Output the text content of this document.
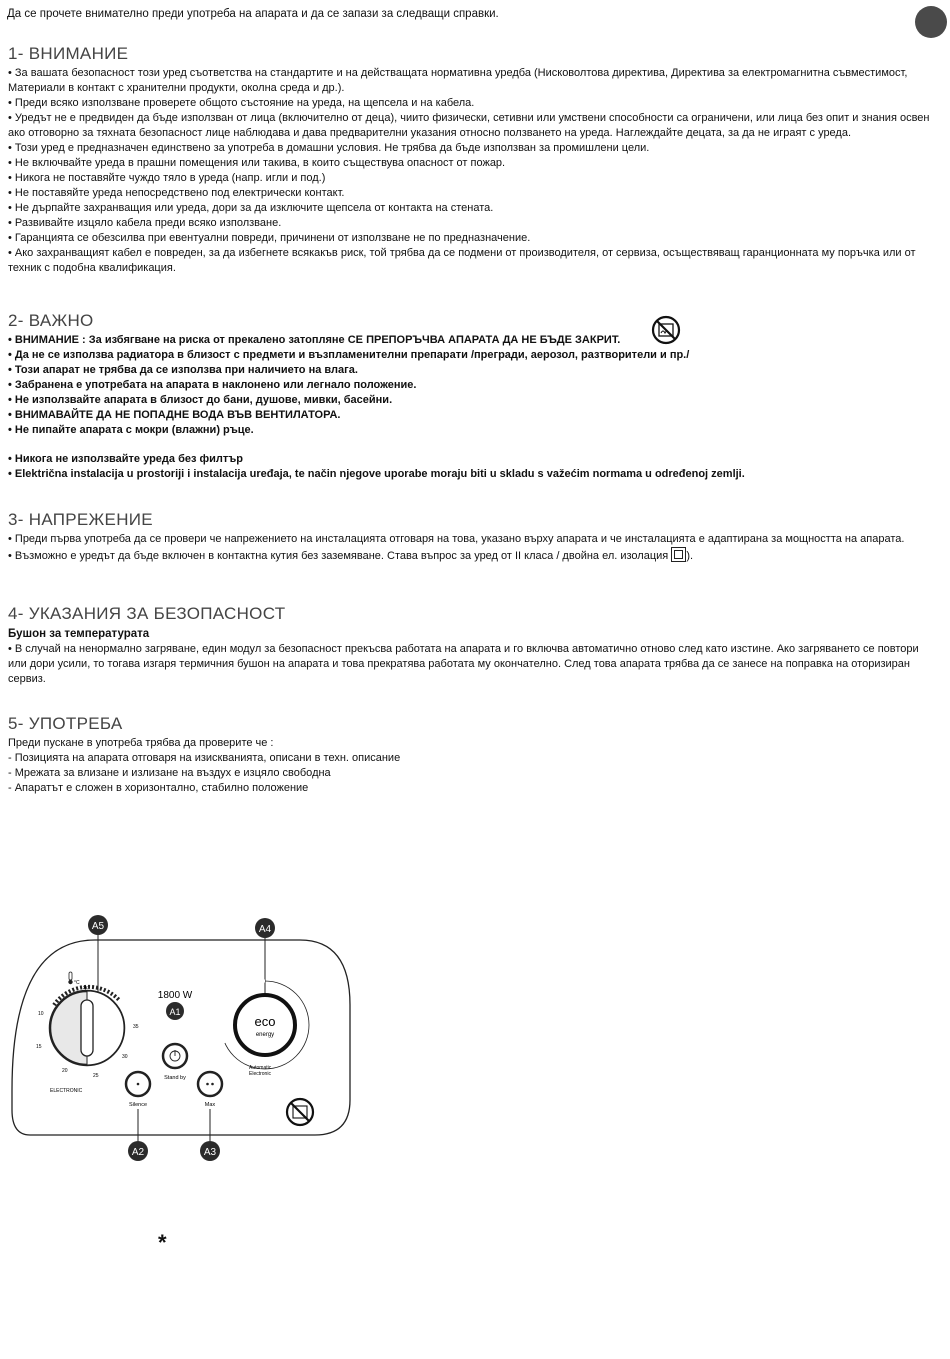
Да се прочете внимателно преди употреба на апарата и да се запази за следващи справки.
1- ВНИМАНИЕ

• За вашата безопасност този уред съответства на стандартите и на действащата нормативна уредба (Нисковолтова директива, Директива за електромагнитна съвместимост, Материали в контакт с хранителни продукти, околна среда и др.).

• Преди всяко използване проверете общото състояние на уреда, на щепсела и на кабела.

• Уредът не е предвиден да бъде използван от лица (включително от деца), чиито физически, сетивни или умствени способности са ограничени, или лица без опит и знания освен ако отговорно за тяхната безопасност лице наблюдава и дава предварителни указания относно ползването на уреда. Наглеждайте децата, за да не играят с уреда.

• Този уред е предназначен единствено за употреба в домашни условия. Не трябва да бъде използван за промишлени цели.

• Не включвайте уреда в прашни помещения или такива, в които съществува опасност от пожар.

• Никога не поставяйте чуждо тяло в уреда (напр. игли и под.)

• Не поставяйте уреда непосредствено под електрически контакт.

• Не дърпайте захранващия или уреда, дори за да изключите щепсела от контакта на стената.

• Развивайте изцяло кабела преди всяко използване.

• Гаранцията се обезсилва при евентуални повреди, причинени от използване не по предназначение.

• Ако захранващият кабел е повреден, за да избегнете всякакъв риск, той трябва да се подмени от производителя, от сервиза, осъществяващ гаранционната му поръчка или от техник с подобна квалификация.

2- ВАЖНО

• ВНИМАНИЕ : За избягване на риска от прекалено затопляне СЕ ПРЕПОРЪЧВА АПАРАТА ДА НЕ БЪДЕ ЗАКРИТ.

• Да не се използва радиатора в близост с предмети и възпламенителни препарати /прегради, аерозол, разтворители и пр./

• Този апарат не трябва да се използва при наличието на влага.

• Забранена е употребата на апарата в наклонено или легнало положение.

• Не използвайте апарата в близост до бани, душове, мивки, басейни.

• ВНИМАВАЙТЕ ДА НЕ ПОПАДНЕ ВОДА ВЪВ ВЕНТИЛАТОРА.

• Не пипайте апарата с мокри (влажни) ръце.

• Никога не използвайте уреда без филтър

• Električna instalacija u prostoriji i instalacija uređaja, te način njegove uporabe moraju biti u skladu s važećim normama u određenoj zemlji.

3- НАПРЕЖЕНИЕ

• Преди първа употреба да се провери че напрежението на инсталацията отговаря на това, указано върху апарата и че инсталацията е адаптирана за мощността на апарата.

• Възможно е уредът да бъде включен в контактна кутия без заземяване. Става въпрос за уред от II класа / двойна ел. изолация ).

4- УКАЗАНИЯ ЗА БЕЗОПАСНОСТ

Бушон за температурата

• В случай на ненормално загряване, един модул за безопасност прекъсва работата на апарата и го включва автоматично отново след като изстине. Ако загряването се повтори или дори усили, то тогава изгаря термичния бушон на апарата и това прекратява работата му окончателно. След това апарата трябва да се занесе на поправка на оторизиран сервиз.

5- УПОТРЕБА

Преди пускане в употреба трябва да проверите че :

- Позицията на апарата отговаря на изискванията, описани в техн. описание

- Мрежата за влизане и излизане на въздух е изцяло свободна

- Апаратът е сложен в хоризонтално, стабилно положение

A5	A4
10
15
20
25
30
35
°C
*
ELECTRONIC
1800 W
A1
Stand by
Silence
A2
Max
A3
eco
energy
Automatic
Electronic
*
